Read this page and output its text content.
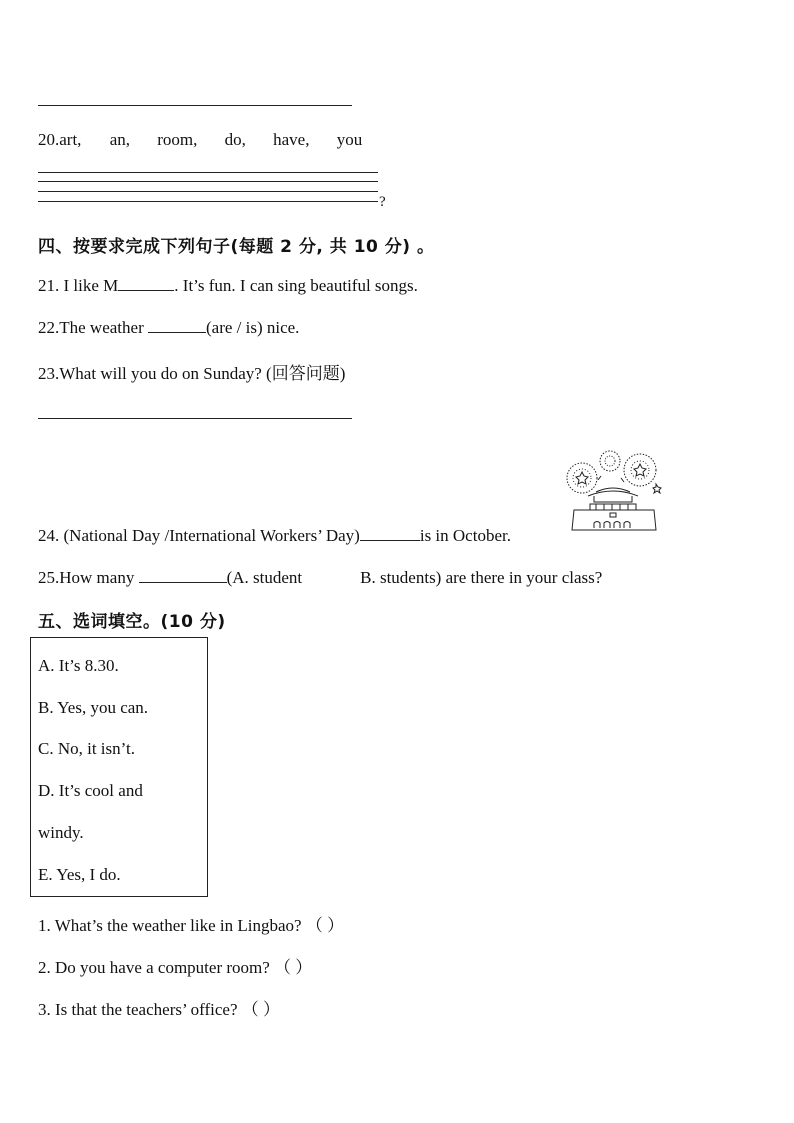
20.art, an, room, do, have, you
?
四、按要求完成下列句子(每题 2 分, 共 10 分) 。
21. I like M	. It’s fun. I can sing beautiful songs.
22.The weather	(are / is) nice.
23.What will you do on Sunday? (回答问题)
24. (National Day /International Workers’ Day)	is in October.
25.How many	(A. student	B. students) are there in your class?
五、选词填空。(10 分)
A. It’s 8.30.
B. Yes, you can.
C. No, it isn’t.
D. It’s cool and
windy.
E. Yes, I do.
1. What’s the weather like in Lingbao? （ ）
2. Do you have a computer room? （ ）
3. Is that the teachers’ office? （ ）
